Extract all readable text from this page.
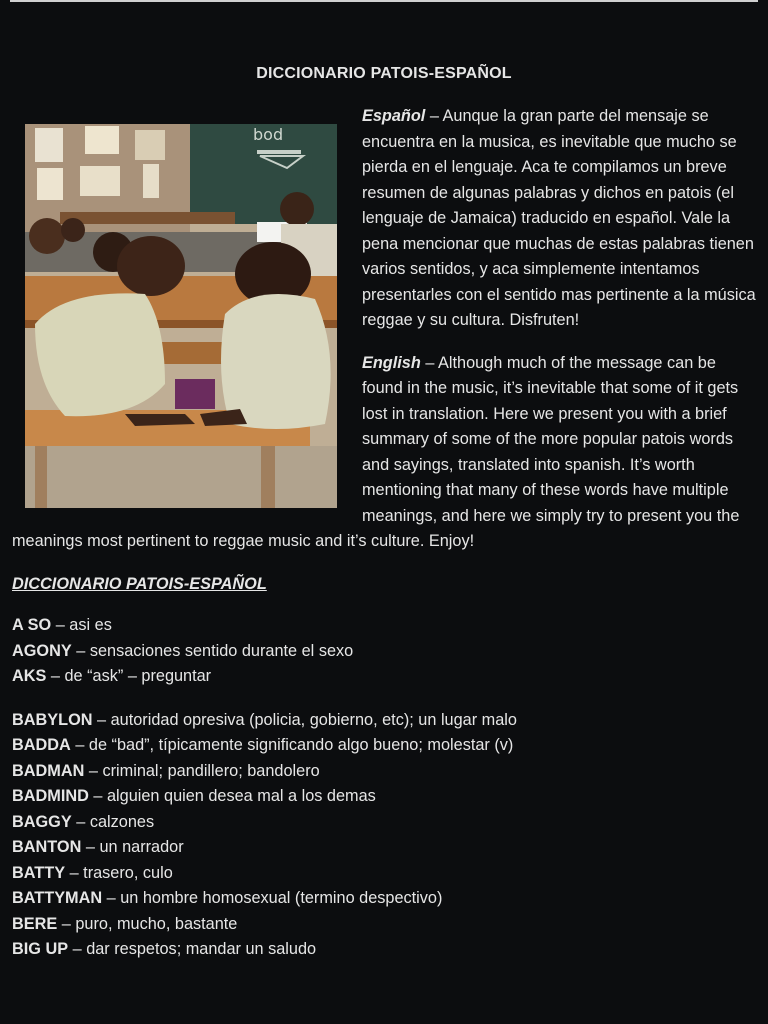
DICCIONARIO PATOIS-ESPAÑOL
bod

Español – Aunque la gran parte del mensaje se encuentra en la musica, es inevitable que mucho se pierda en el lenguaje. Aca te compilamos un breve resumen de algunas palabras y dichos en patois (el lenguaje de Jamaica) traducido en español. Vale la pena mencionar que muchas de estas palabras tienen varios sentidos, y aca simplemente intentamos presentarles con el sentido mas pertinente a la música reggae y su cultura. Disfruten!

English – Although much of the message can be found in the music, it’s inevitable that some of it gets lost in translation. Here we present you with a brief summary of some of the more popular patois words and sayings, translated into spanish. It’s worth mentioning that many of these words have multiple meanings, and here we simply try to present you the meanings most pertinent to reggae music and it’s culture. Enjoy!

DICCIONARIO PATOIS-ESPAÑOL
A SO – asi es
AGONY – sensaciones sentido durante el sexo
AKS – de “ask” – preguntar
BABYLON – autoridad opresiva (policia, gobierno, etc); un lugar malo
BADDA – de “bad”, típicamente significando algo bueno; molestar (v)
BADMAN – criminal; pandillero; bandolero
BADMIND – alguien quien desea mal a los demas
BAGGY – calzones
BANTON – un narrador
BATTY – trasero, culo
BATTYMAN – un hombre homosexual (termino despectivo)
BERE – puro, mucho, bastante
BIG UP – dar respetos; mandar un saludo
